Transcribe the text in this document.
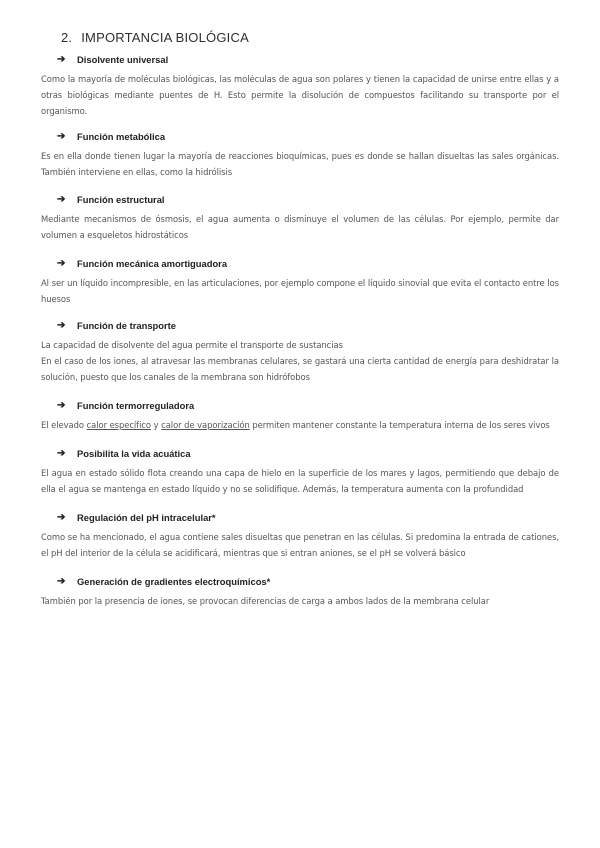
2. IMPORTANCIA BIOLÓGICA
➔	Disolvente universal

Como la mayoría de moléculas biológicas, las moléculas de agua son polares y tienen la capacidad de unirse entre ellas y a otras biológicas mediante puentes de H. Esto permite la disolución de compuestos facilitando su transporte por el organismo.

➔	Función metabólica

Es en ella donde tienen lugar la mayoría de reacciones bioquímicas, pues es donde se hallan disueltas las sales orgánicas. También interviene en ellas, como la hidrólisis

➔	Función estructural

Mediante mecanismos de ósmosis, el agua aumenta o disminuye el volumen de las células. Por ejemplo, permite dar volumen a esqueletos hidrostáticos

➔	Función mecánica amortiguadora

Al ser un líquido incompresible, en las articulaciones, por ejemplo compone el líquido sinovial que evita el contacto entre los huesos

➔	Función de transporte

La capacidad de disolvente del agua permite el transporte de sustancias

En el caso de los iones, al atravesar las membranas celulares, se gastará una cierta cantidad de energía para deshidratar la solución, puesto que los canales de la membrana son hidrófobos

➔	Función termorreguladora

El elevado calor específico y calor de vaporización permiten mantener constante la temperatura interna de los seres vivos

➔	Posibilita la vida acuática

El agua en estado sólido flota creando una capa de hielo en la superficie de los mares y lagos, permitiendo que debajo de ella el agua se mantenga en estado líquido y no se solidifique. Además, la temperatura aumenta con la profundidad

➔	Regulación del pH intracelular*

Como se ha mencionado, el agua contiene sales disueltas que penetran en las células. Si predomina la entrada de cationes, el pH del interior de la célula se acidificará, mientras que si entran aniones, se el pH se volverá básico

➔	Generación de gradientes electroquímicos*

También por la presencia de iones, se provocan diferencias de carga a ambos lados de la membrana celular
